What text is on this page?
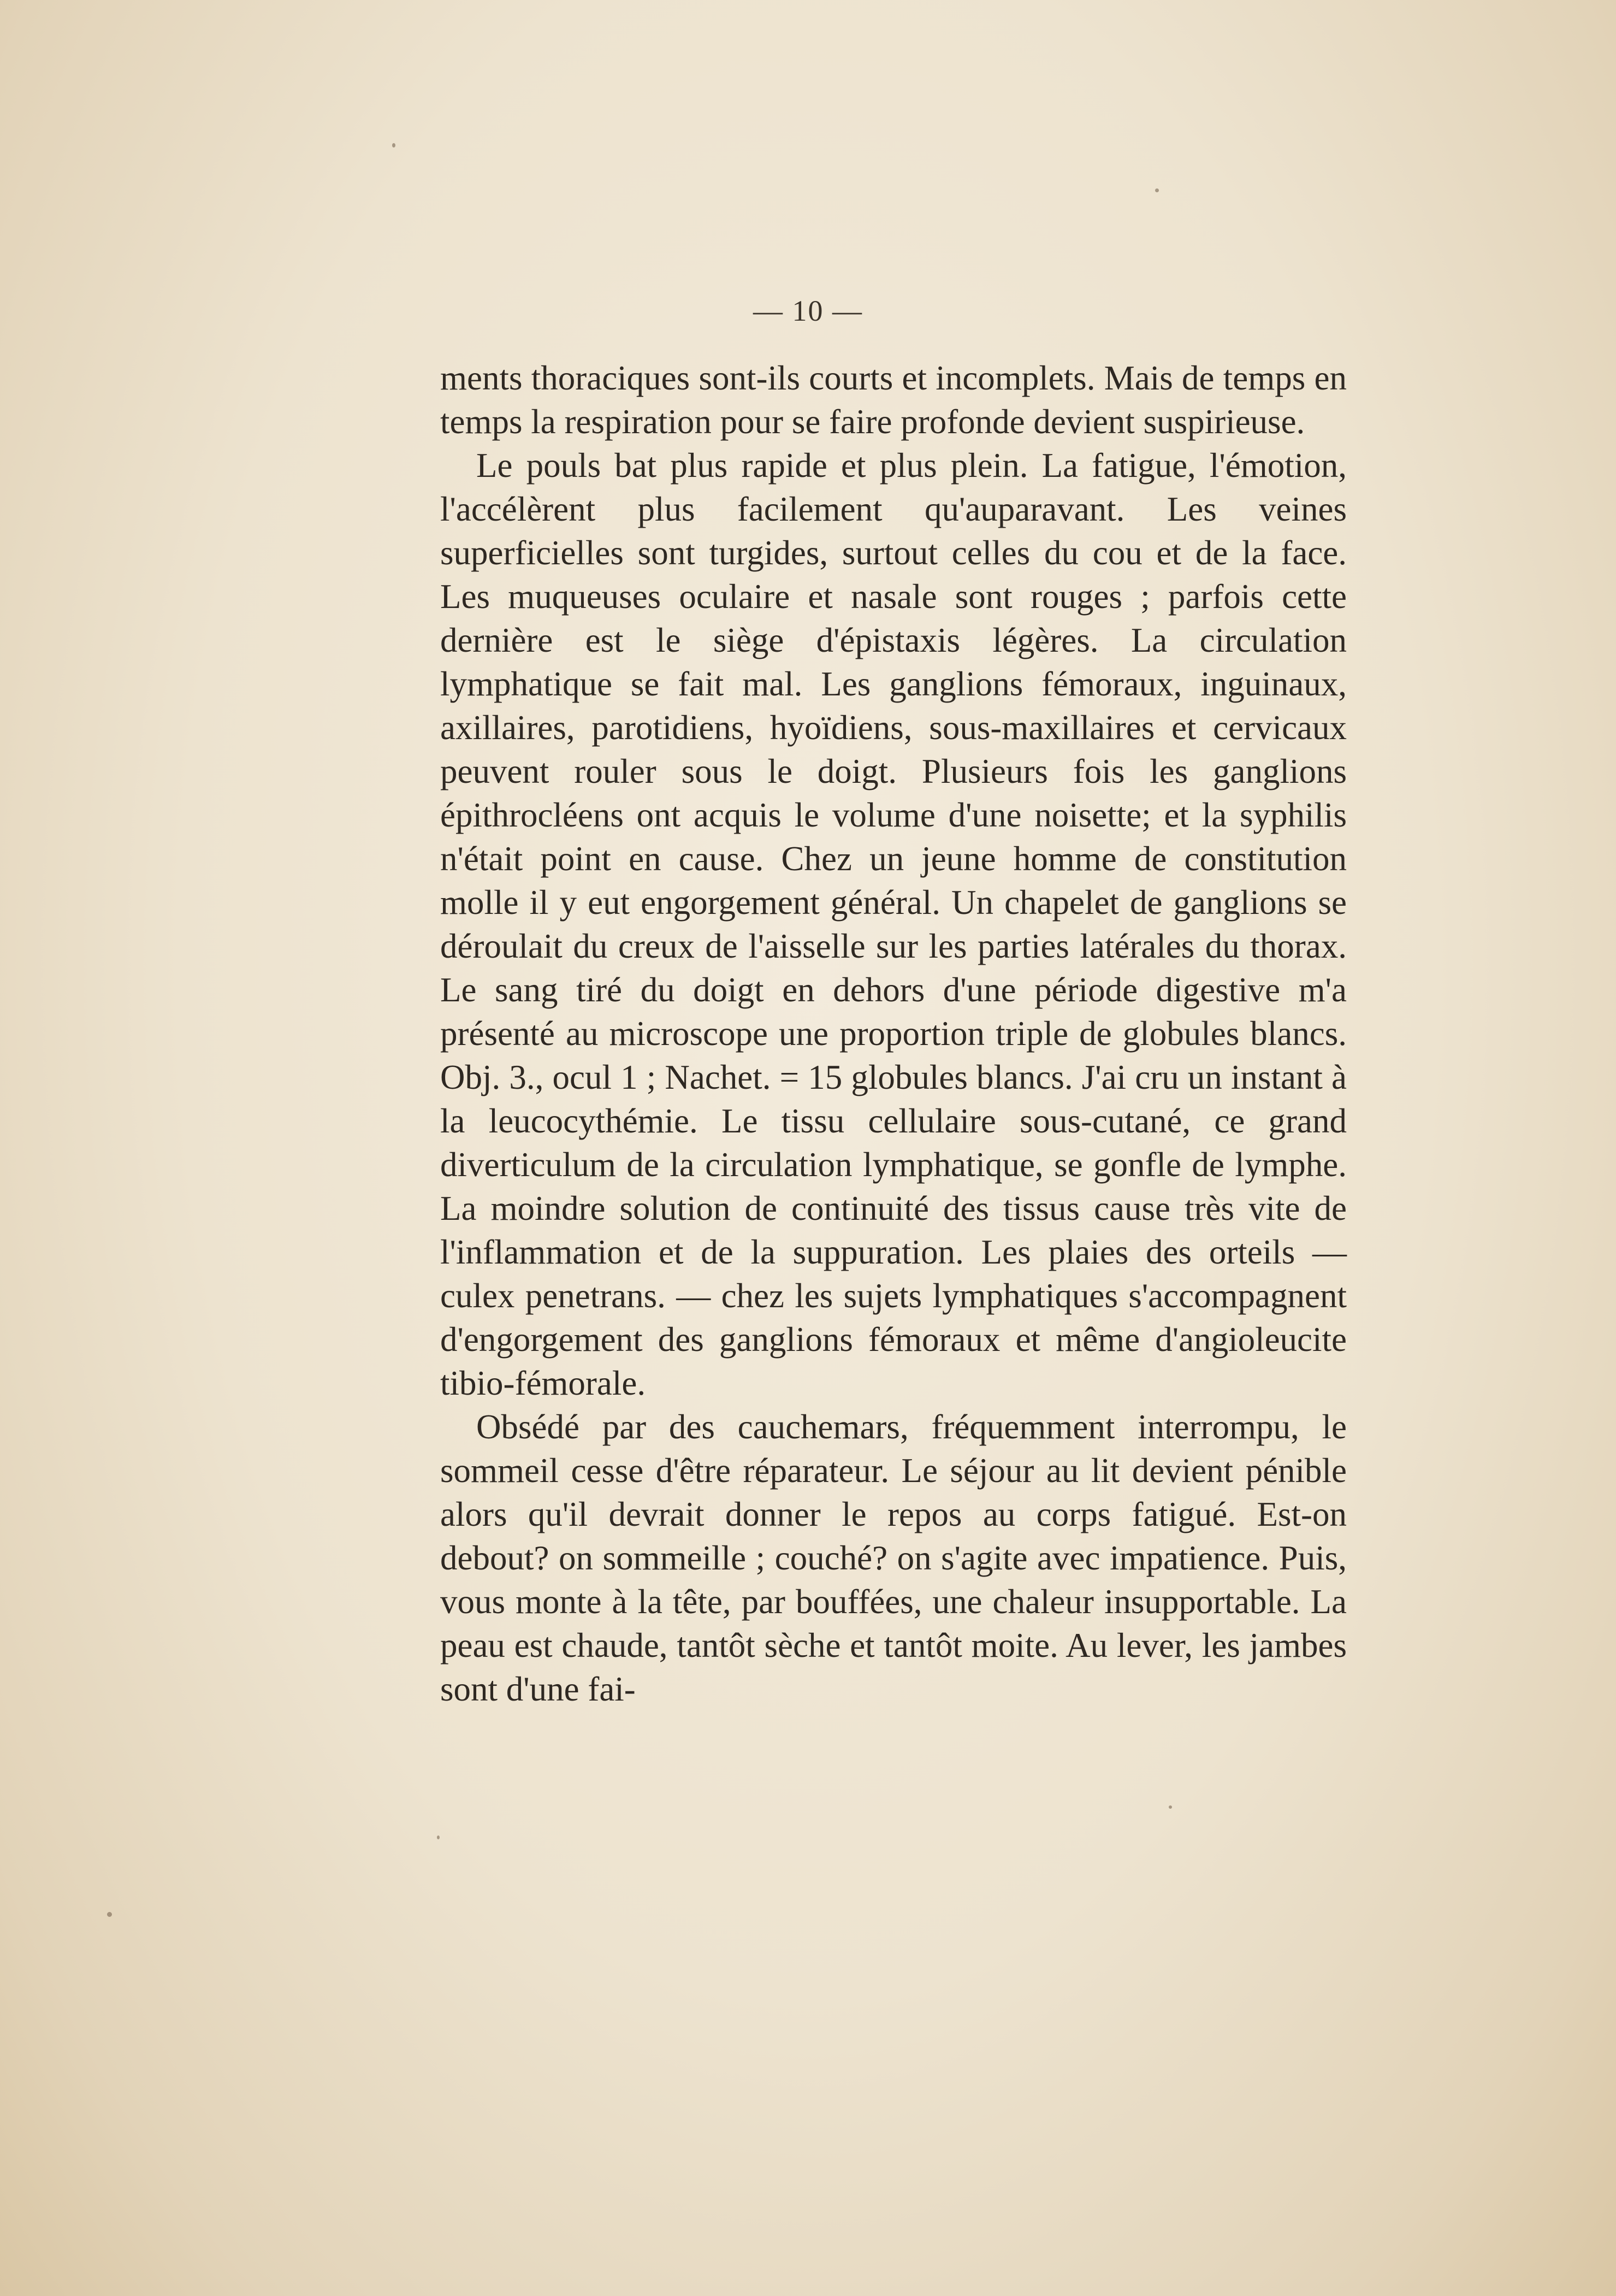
— 10 —

ments thoraciques sont-ils courts et incomplets. Mais de temps en temps la respiration pour se faire profonde devient suspirieuse.

Le pouls bat plus rapide et plus plein. La fatigue, l'émotion, l'accélèrent plus facilement qu'auparavant. Les veines superficielles sont turgides, surtout celles du cou et de la face. Les muqueuses oculaire et nasale sont rouges ; parfois cette dernière est le siège d'épistaxis légères. La circulation lymphatique se fait mal. Les ganglions fémoraux, inguinaux, axillaires, parotidiens, hyoïdiens, sous-maxillaires et cervicaux peuvent rouler sous le doigt. Plusieurs fois les ganglions épithrocléens ont acquis le volume d'une noisette; et la syphilis n'était point en cause. Chez un jeune homme de constitution molle il y eut engorgement général. Un chapelet de ganglions se déroulait du creux de l'aisselle sur les parties latérales du thorax. Le sang tiré du doigt en dehors d'une période digestive m'a présenté au microscope une proportion triple de globules blancs. Obj. 3., ocul 1 ; Nachet. = 15 globules blancs. J'ai cru un instant à la leucocythémie. Le tissu cellulaire sous-cutané, ce grand diverticulum de la circulation lymphatique, se gonfle de lymphe. La moindre solution de continuité des tissus cause très vite de l'inflammation et de la suppuration. Les plaies des orteils — culex penetrans. — chez les sujets lymphatiques s'accompagnent d'engorgement des ganglions fémoraux et même d'angioleucite tibio-fémorale.

Obsédé par des cauchemars, fréquemment interrompu, le sommeil cesse d'être réparateur. Le séjour au lit devient pénible alors qu'il devrait donner le repos au corps fatigué. Est-on debout? on sommeille ; couché? on s'agite avec impatience. Puis, vous monte à la tête, par bouffées, une chaleur insupportable. La peau est chaude, tantôt sèche et tantôt moite. Au lever, les jambes sont d'une fai-
